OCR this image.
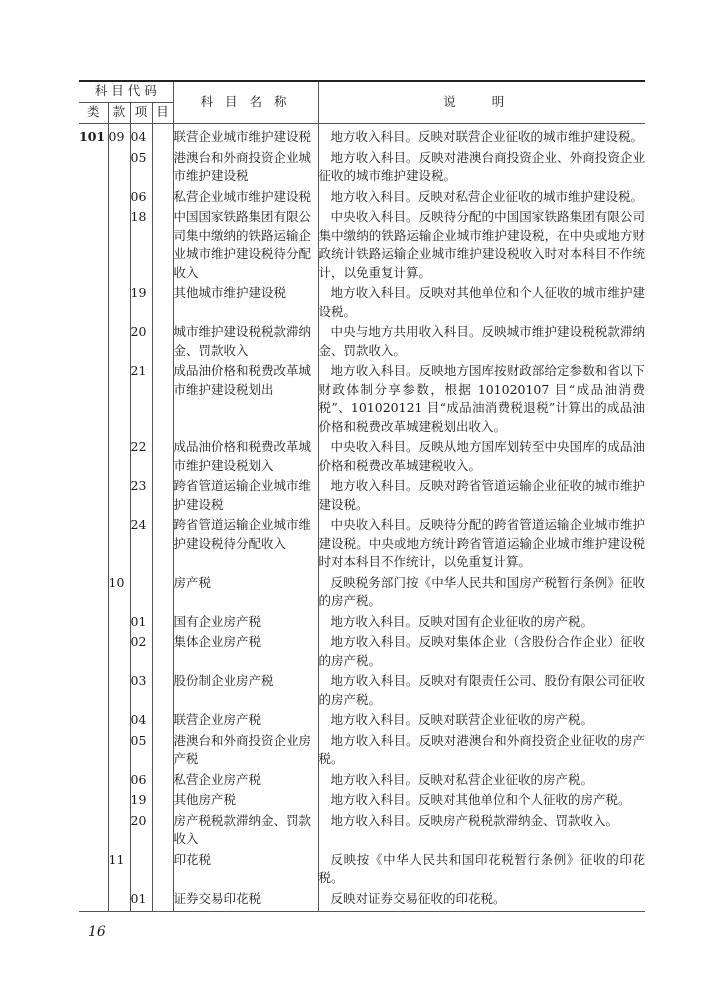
科 目 代 码				科 目 名 称	说 明
类	款	项	目		
101	09	04		联营企业城市维护建设税	地方收入科目。反映对联营企业征收的城市维护建设税。
		05		港澳台和外商投资企业城市维护建设税	地方收入科目。反映对港澳台商投资企业、外商投资企业征收的城市维护建设税。
		06		私营企业城市维护建设税	地方收入科目。反映对私营企业征收的城市维护建设税。
		18		中国国家铁路集团有限公司集中缴纳的铁路运输企业城市维护建设税待分配收入	中央收入科目。反映待分配的中国国家铁路集团有限公司集中缴纳的铁路运输企业城市维护建设税，在中央或地方财政统计铁路运输企业城市维护建设税收入时对本科目不作统计，以免重复计算。
		19		其他城市维护建设税	地方收入科目。反映对其他单位和个人征收的城市维护建设税。
		20		城市维护建设税税款滞纳金、罚款收入	中央与地方共用收入科目。反映城市维护建设税税款滞纳金、罚款收入。
		21		成品油价格和税费改革城市维护建设税划出	地方收入科目。反映地方国库按财政部给定参数和省以下财政体制分享参数，根据 101020107 目“成品油消费税”、101020121 目“成品油消费税退税”计算出的成品油价格和税费改革城建税划出收入。
		22		成品油价格和税费改革城市维护建设税划入	中央收入科目。反映从地方国库划转至中央国库的成品油价格和税费改革城建税收入。
		23		跨省管道运输企业城市维护建设税	地方收入科目。反映对跨省管道运输企业征收的城市维护建设税。
		24		跨省管道运输企业城市维护建设税待分配收入	中央收入科目。反映待分配的跨省管道运输企业城市维护建设税。中央或地方统计跨省管道运输企业城市维护建设税时对本科目不作统计，以免重复计算。
	10			房产税	反映税务部门按《中华人民共和国房产税暂行条例》征收的房产税。
		01		国有企业房产税	地方收入科目。反映对国有企业征收的房产税。
		02		集体企业房产税	地方收入科目。反映对集体企业（含股份合作企业）征收的房产税。
		03		股份制企业房产税	地方收入科目。反映对有限责任公司、股份有限公司征收的房产税。
		04		联营企业房产税	地方收入科目。反映对联营企业征收的房产税。
		05		港澳台和外商投资企业房产税	地方收入科目。反映对港澳台和外商投资企业征收的房产税。
		06		私营企业房产税	地方收入科目。反映对私营企业征收的房产税。
		19		其他房产税	地方收入科目。反映对其他单位和个人征收的房产税。
		20		房产税税款滞纳金、罚款收入	地方收入科目。反映房产税税款滞纳金、罚款收入。
	11			印花税	反映按《中华人民共和国印花税暂行条例》征收的印花税。
		01		证券交易印花税	反映对证券交易征收的印花税。
16
